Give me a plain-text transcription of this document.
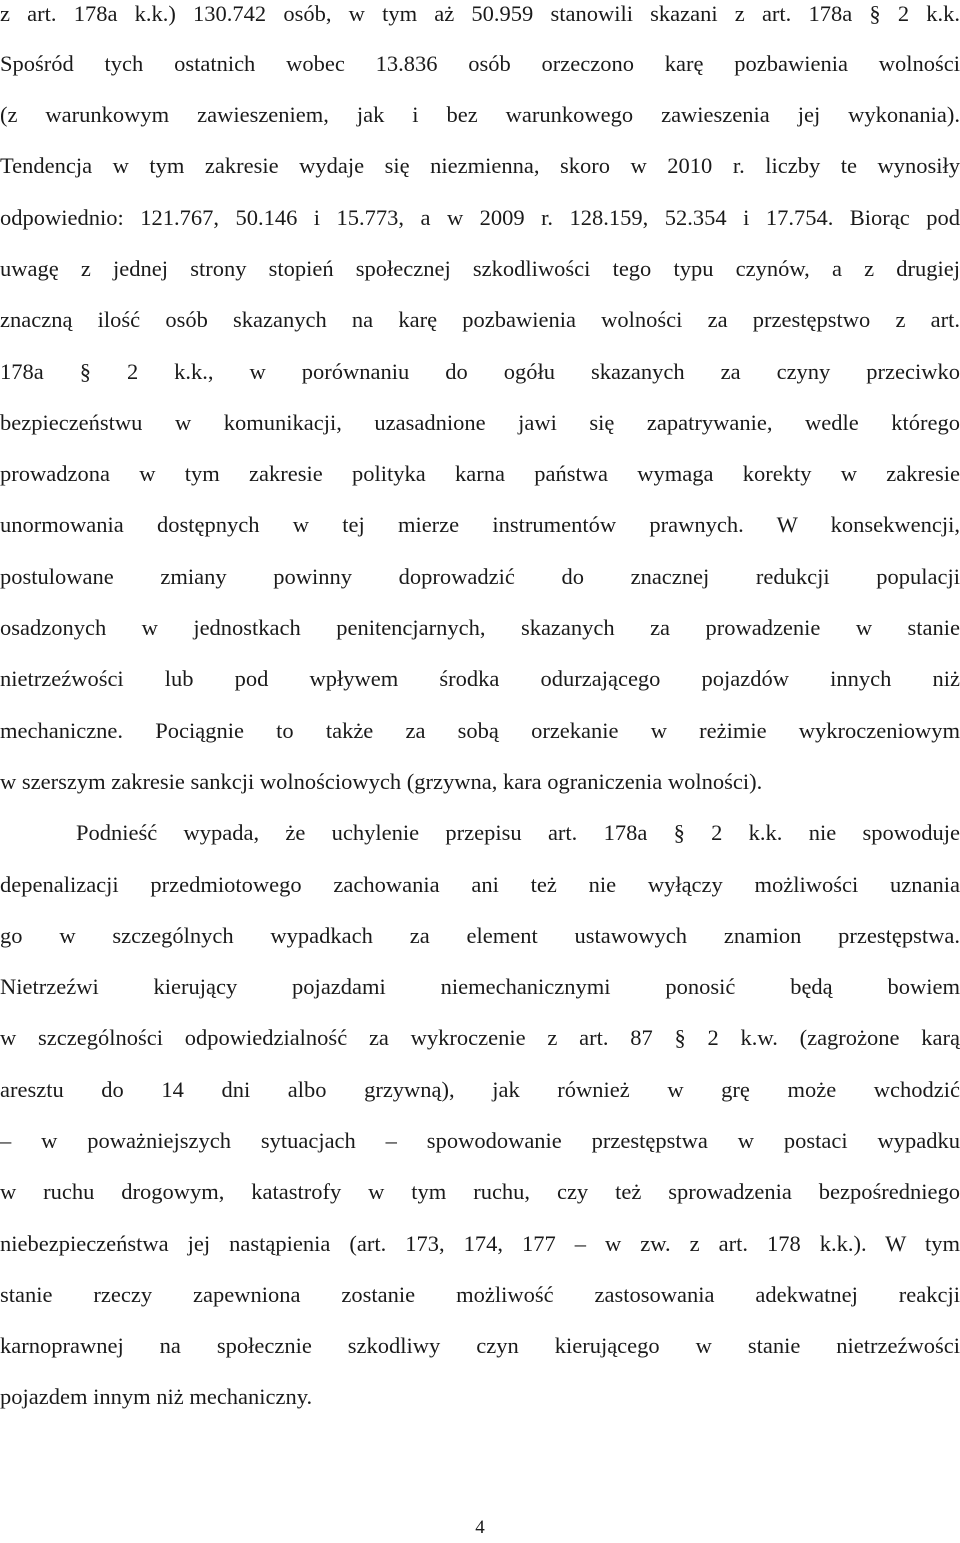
z art. 178a k.k.) 130.742 osób, w tym aż 50.959 stanowili skazani z art. 178a § 2 k.k.
Spośród tych ostatnich wobec 13.836 osób orzeczono karę pozbawienia wolności
(z warunkowym zawieszeniem, jak i bez warunkowego zawieszenia jej wykonania).
Tendencja w tym zakresie wydaje się niezmienna, skoro w 2010 r. liczby te wynosiły
odpowiednio: 121.767, 50.146 i 15.773, a w 2009 r. 128.159, 52.354 i 17.754. Biorąc pod
uwagę z jednej strony stopień społecznej szkodliwości tego typu czynów, a z drugiej
znaczną ilość osób skazanych na karę pozbawienia wolności za przestępstwo z art.
178a § 2 k.k., w porównaniu do ogółu skazanych za czyny przeciwko
bezpieczeństwu w komunikacji, uzasadnione jawi się zapatrywanie, wedle którego
prowadzona w tym zakresie polityka karna państwa wymaga korekty w zakresie
unormowania dostępnych w tej mierze instrumentów prawnych. W konsekwencji,
postulowane zmiany powinny doprowadzić do znacznej redukcji populacji
osadzonych w jednostkach penitencjarnych, skazanych za prowadzenie w stanie
nietrzeźwości lub pod wpływem środka odurzającego pojazdów innych niż
mechaniczne. Pociągnie to także za sobą orzekanie w reżimie wykroczeniowym
w szerszym zakresie sankcji wolnościowych (grzywna, kara ograniczenia wolności).
Podnieść wypada, że uchylenie przepisu art. 178a § 2 k.k. nie spowoduje
depenalizacji przedmiotowego zachowania ani też nie wyłączy możliwości uznania
go w szczególnych wypadkach za element ustawowych znamion przestępstwa.
Nietrzeźwi kierujący pojazdami niemechanicznymi ponosić będą bowiem
w szczególności odpowiedzialność za wykroczenie z art. 87 § 2 k.w. (zagrożone karą
aresztu do 14 dni albo grzywną), jak również w grę może wchodzić
– w poważniejszych sytuacjach – spowodowanie przestępstwa w postaci wypadku
w ruchu drogowym, katastrofy w tym ruchu, czy też sprowadzenia bezpośredniego
niebezpieczeństwa jej nastąpienia (art. 173, 174, 177 – w zw. z art. 178 k.k.). W tym
stanie rzeczy zapewniona zostanie możliwość zastosowania adekwatnej reakcji
karnoprawnej na społecznie szkodliwy czyn kierującego w stanie nietrzeźwości
pojazdem innym niż mechaniczny.
4
